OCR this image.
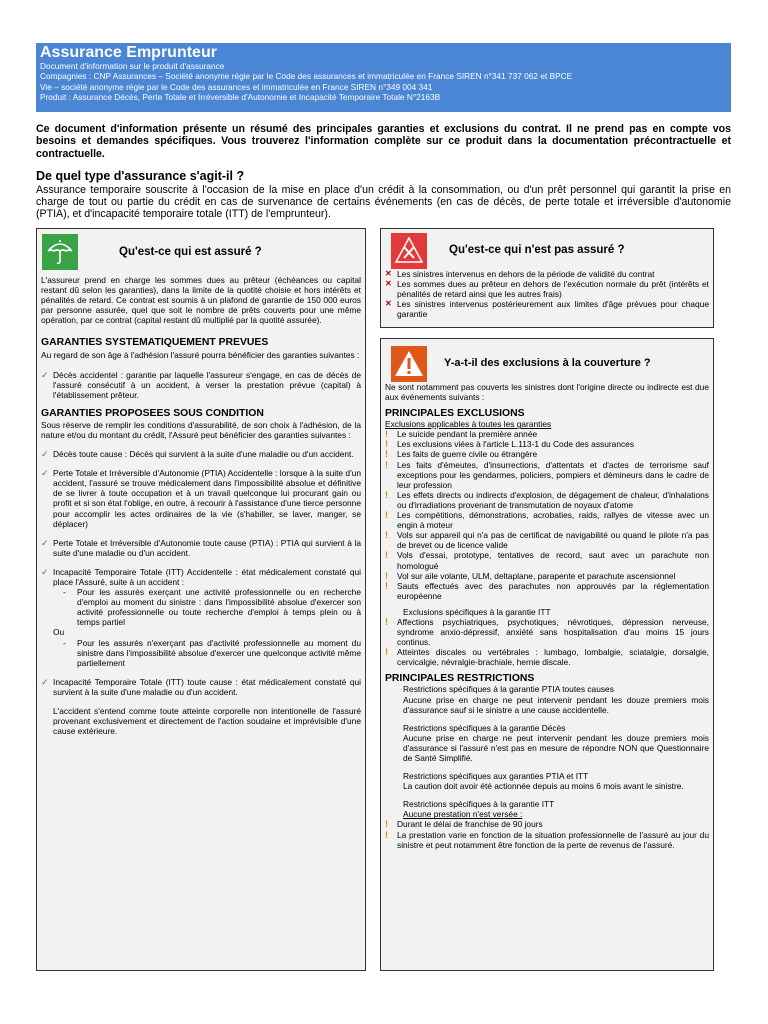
Assurance Emprunteur
Document d'information sur le produit d'assurance
Compagnies : CNP Assurances – Société anonyme régie par le Code des assurances et immatriculée en France SIREN n°341 737 062 et BPCE
Vie – société anonyme régie par le Code des assurances et immatriculée en France SIREN n°349 004 341
Produit : Assurance Décès, Perte Totale et Irréversible d'Autonomie et Incapacité Temporaire Totale N°2163B
Ce document d'information présente un résumé des principales garanties et exclusions du contrat. Il ne prend pas en compte vos besoins et demandes spécifiques. Vous trouverez l'information complète sur ce produit dans la documentation précontractuelle et contractuelle.
De quel type d'assurance s'agit-il ?
Assurance temporaire souscrite à l'occasion de la mise en place d'un crédit à la consommation, ou d'un prêt personnel qui garantit la prise en charge de tout ou partie du crédit en cas de survenance de certains événements (en cas de décès, de perte totale et irréversible d'autonomie (PTIA), et d'incapacité temporaire totale (ITT) de l'emprunteur).
Qu'est-ce qui est assuré ?
L'assureur prend en charge les sommes dues au prêteur (échéances ou capital restant dû selon les garanties), dans la limite de la quotité choisie et hors intérêts et pénalités de retard. Ce contrat est soumis à un plafond de garantie de 150 000 euros par personne assurée, quel que soit le nombre de prêts couverts pour une même opération, par ce contrat (capital restant dû multiplié par la quotité assurée).
GARANTIES SYSTEMATIQUEMENT PREVUES
Au regard de son âge à l'adhésion l'assuré pourra bénéficier des garanties suivantes :
✓ Décès accidentel : garantie par laquelle l'assureur s'engage, en cas de décès de l'assuré consécutif à un accident, à verser la prestation prévue (capital) à l'établissement prêteur.
GARANTIES PROPOSEES SOUS CONDITION
Sous réserve de remplir les conditions d'assurabilité, de son choix à l'adhésion, de la nature et/ou du montant du crédit, l'Assuré peut bénéficier des garanties suivantes :
✓ Décès toute cause : Décès qui survient à la suite d'une maladie ou d'un accident.
✓ Perte Totale et Irréversible d'Autonomie (PTIA) Accidentelle : lorsque à la suite d'un accident, l'assuré se trouve médicalement dans l'impossibilité absolue et définitive de se livrer à toute occupation et à un travail quelconque lui procurant gain ou profit et si son état l'oblige, en outre, à recourir à l'assistance d'une tierce personne pour accomplir les actes ordinaires de la vie (s'habiller, se laver, manger, se déplacer)
✓ Perte Totale et Irréversible d'Autonomie toute cause (PTIA) : PTIA qui survient à la suite d'une maladie ou d'un accident.
✓ Incapacité Temporaire Totale (ITT) Accidentelle : état médicalement constaté qui place l'Assuré, suite à un accident :
-	Pour les assurés exerçant une activité professionnelle ou en recherche d'emploi au moment du sinistre : dans l'impossibilité absolue d'exercer son activité professionnelle ou toute recherche d'emploi à temps plein ou à temps partiel
Ou
-	Pour les assurés n'exerçant pas d'activité professionnelle au moment du sinistre dans l'impossibilité absolue d'exercer une quelconque activité même partiellement
✓ Incapacité Temporaire Totale (ITT) toute cause : état médicalement constaté qui survient à la suite d'une maladie ou d'un accident.
L'accident s'entend comme toute atteinte corporelle non intentionelle de l'assuré provenant exclusivement et directement de l'action soudaine et imprévisible d'une cause extérieure.
Qu'est-ce qui n'est pas assuré ?
✕ Les sinistres intervenus en dehors de la période de validité du contrat
✕ Les sommes dues au prêteur en dehors de l'exécution normale du prêt (intérêts et pénalités de retard ainsi que les autres frais)
✕ Les sinistres intervenus postérieurement aux limites d'âge prévues pour chaque garantie
Y-a-t-il des exclusions à la couverture ?
Ne sont notamment pas couverts les sinistres dont l'origine directe ou indirecte est due aux événements suivants :
PRINCIPALES EXCLUSIONS
Exclusions applicables à toutes les garanties
!	Le suicide pendant la première année
!	Les exclusions viées à l'article L.113-1 du Code des assurances
!	Les faits de guerre civile ou étrangère
!	Les faits d'émeutes, d'insurrections, d'attentats et d'actes de terrorisme sauf exceptions pour les gendarmes, policiers, pompiers et démineurs dans le cadre de leur profession
!	Les effets directs ou indirects d'explosion, de dégagement de chaleur, d'inhalations ou d'irradiations provenant de transmutation de noyaux d'atome
!	Les compétitions, démonstrations, acrobaties, raids, rallyes de vitesse avec un engin à moteur
!	Vols sur appareil qui n'a pas de certificat de navigabilité ou quand le pilote n'a pas de brevet ou de licence valide
!	Vols d'essai, prototype, tentatives de record, saut avec un parachute non homologué
!	Vol sur aile volante, ULM, deltaplane, parapente et parachute ascensionnel
!	Sauts effectués avec des parachutes non approuvés par la réglementation européenne
Exclusions spécifiques à la garantie ITT
!	Affections psychiatriques, psychotiques, névrotiques, dépression nerveuse, syndrome anxio-dépressif, anxiété sans hospitalisation d'au moins 15 jours continus.
!	Atteintes discales ou vertébrales : lumbago, lombalgie, sciatalgie, dorsalgie, cervicalgie, névralgie-brachiale, hernie discale.
PRINCIPALES RESTRICTIONS
Restrictions spécifiques à la garantie PTIA toutes causes
Aucune prise en charge ne peut intervenir pendant les douze premiers mois d'assurance sauf si le sinistre a une cause accidentelle.
Restrictions spécifiques à la garantie Décès
Aucune prise en charge ne peut intervenir pendant les douze premiers mois d'assurance si l'assuré n'est pas en mesure de répondre NON que Questionnaire de Santé Simplifié.
Restrictions spécifiques aux garanties PTIA et ITT
La caution doit avoir été actionnée depuis au moins 6 mois avant le sinistre.
Restrictions spécifiques à la garantie ITT
Aucune prestation n'est versée :
!	Durant le délai de franchise de 90 jours
!	La prestation varie en fonction de la situation professionnelle de l'assuré au jour du sinistre et peut notamment être fonction de la perte de revenus de l'assuré.
